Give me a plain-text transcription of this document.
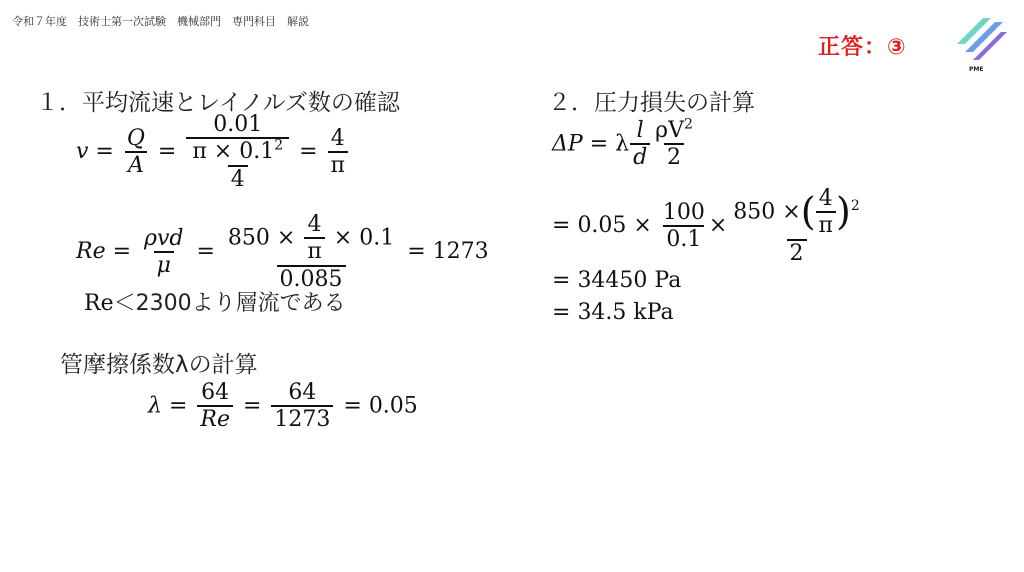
令和７年度　技術士第一次試験　機械部門　専門科目　解説
正答：③
PME
１．平均流速とレイノルズ数の確認
$v = \frac{Q}{A} = \frac{0.01}{\frac{\pi \times 0.1^2}{4}} = \frac{4}{\pi}$
$Re = \frac{\text{ρvd}}{\mu} = \frac{850 \times \frac{4}{\pi} \times 0.1}{0.085} = 1273$
Re＜2300より層流である
管摩擦係数λの計算
$\lambda = \frac{64}{Re} = \frac{64}{1273} = 0.05$
２．圧力損失の計算
ΔP = λ $\frac{l}{d} \frac{\rho V^2}{2}$
= $0.05 \times \frac{100}{0.1} \times \frac{850 \times( \frac{4}{\pi} )^2}{2}$
= 34450 Pa
= 34.5 kPa
